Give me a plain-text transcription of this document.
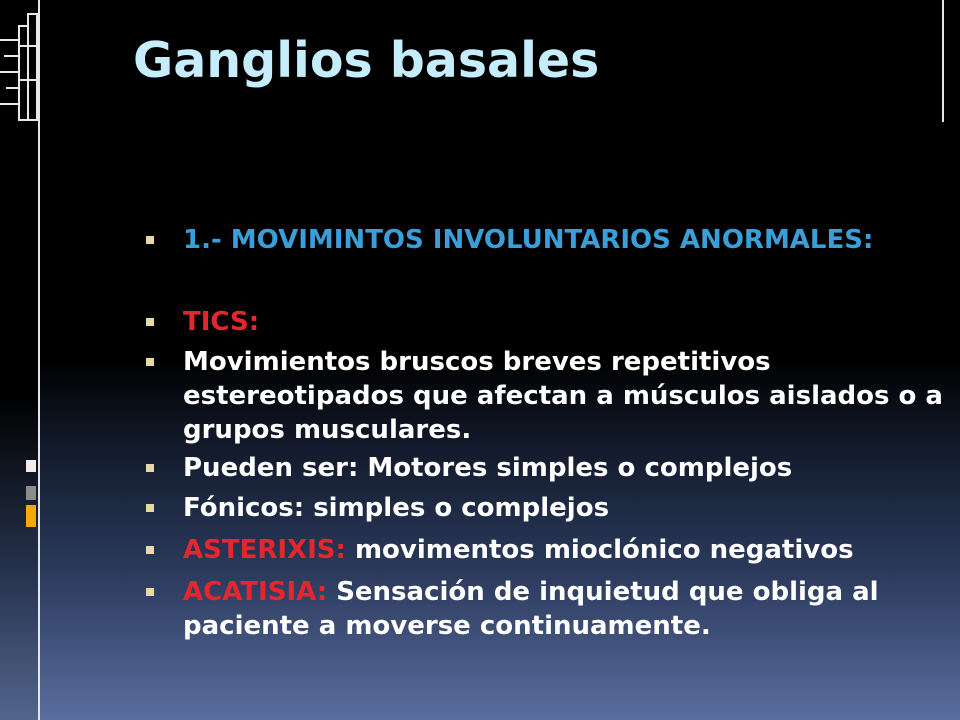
Ganglios basales
1.- MOVIMINTOS INVOLUNTARIOS ANORMALES:
TICS:
Movimientos bruscos breves repetitivos estereotipados que afectan a músculos aislados o a grupos musculares.
Pueden ser: Motores simples o complejos
Fónicos: simples o complejos
ASTERIXIS: movimentos mioclónico negativos
ACATISIA: Sensación de inquietud que obliga al paciente a moverse continuamente.
